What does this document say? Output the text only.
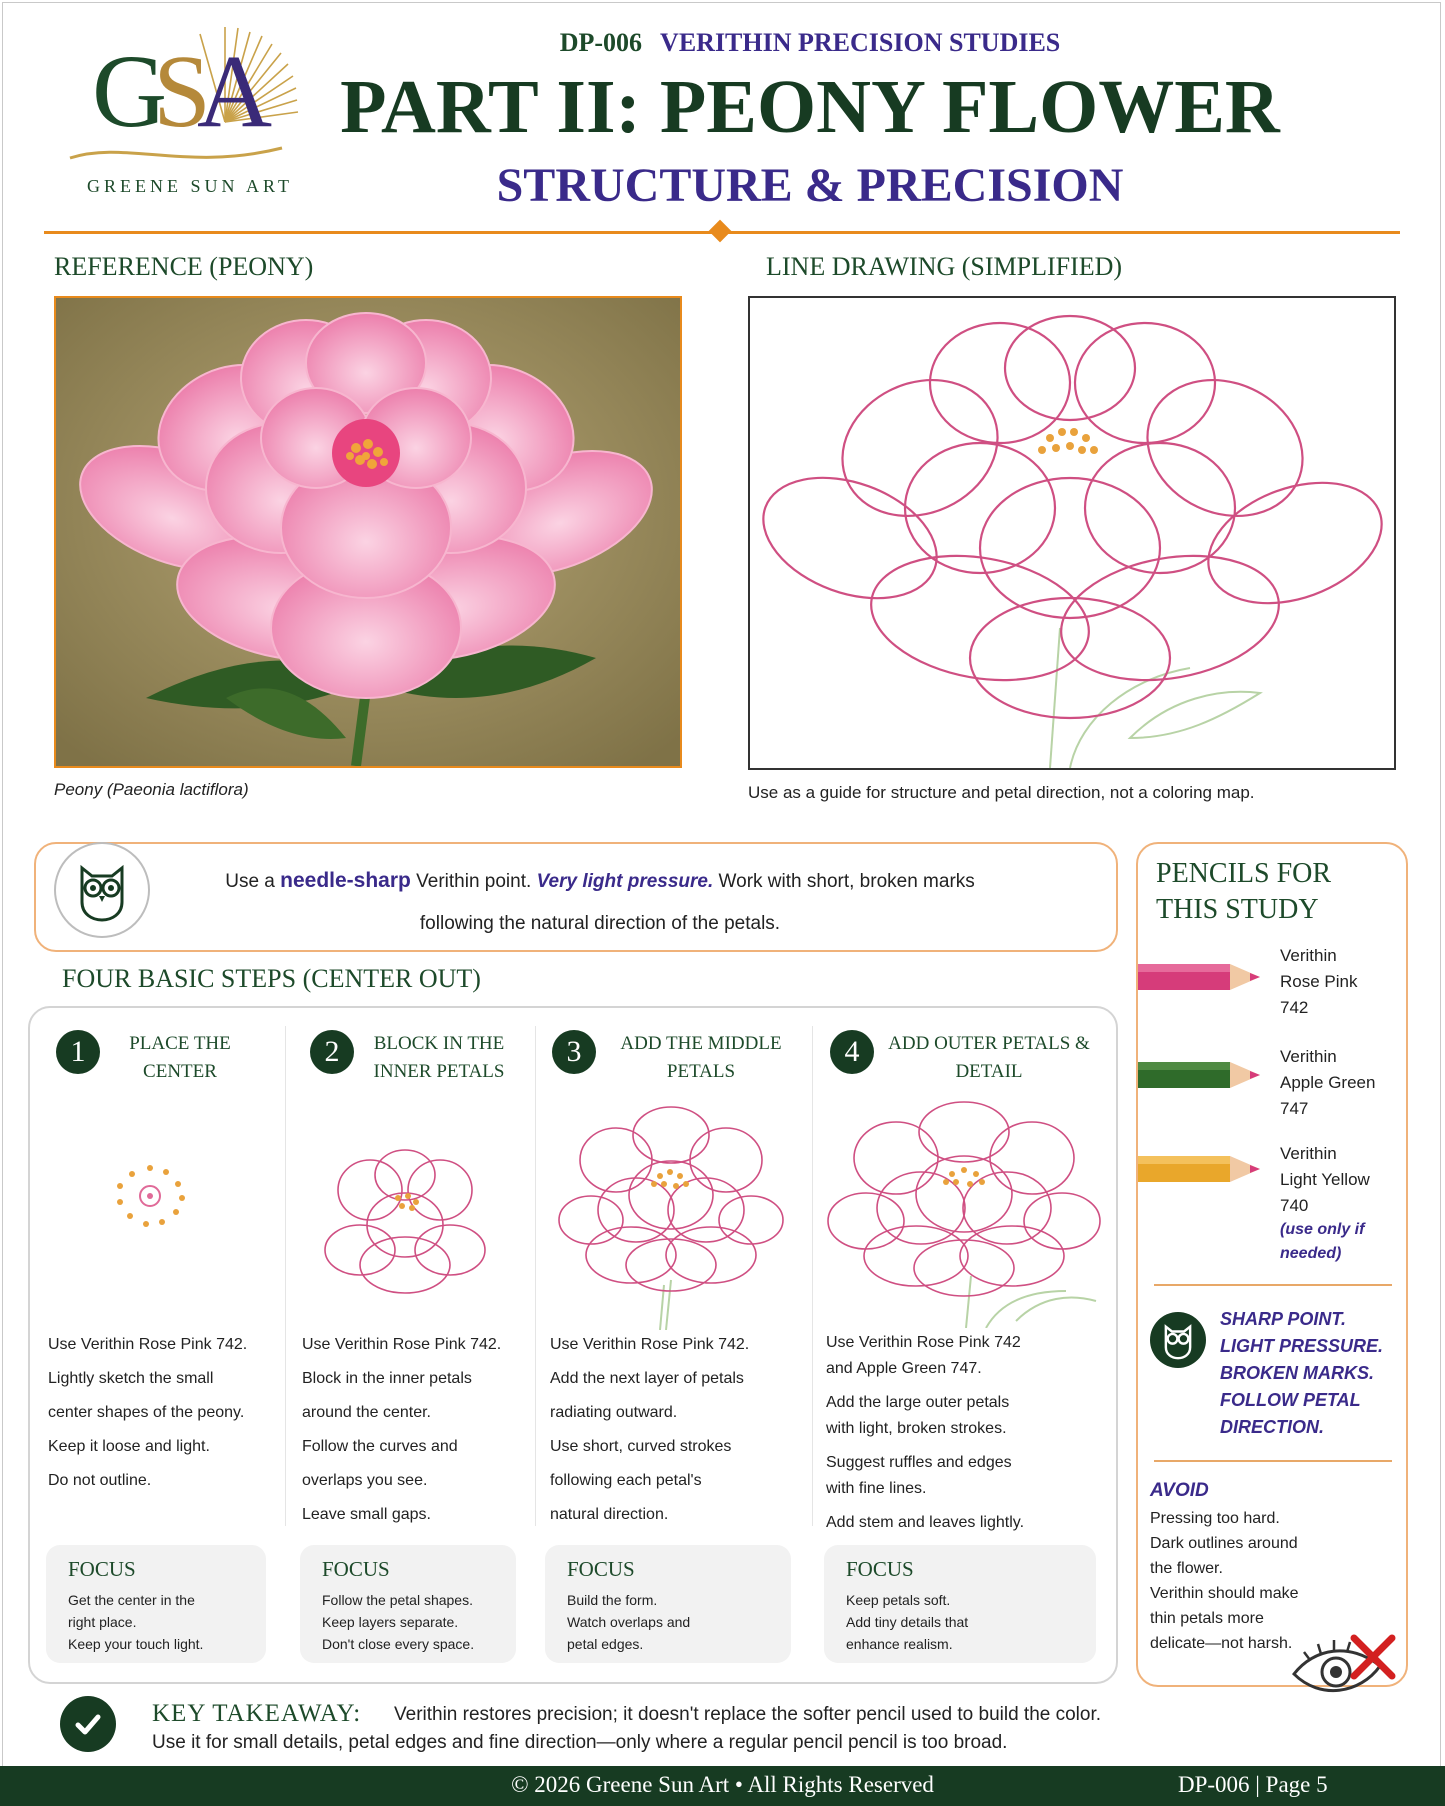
GSA
GREENE SUN ART
DP-006 VERITHIN PRECISION STUDIES
PART II: PEONY FLOWER
STRUCTURE & PRECISION
REFERENCE (PEONY)	LINE DRAWING (SIMPLIFIED)
Peony (Paeonia lactiflora)	Use as a guide for structure and petal direction, not a coloring map.
Use a needle-sharp Verithin point. Very light pressure. Work with short, broken marks
following the natural direction of the petals.
FOUR BASIC STEPS (CENTER OUT)
1	PLACE THE
CENTER
Use Verithin Rose Pink 742.
Lightly sketch the small
center shapes of the peony.
Keep it loose and light.
Do not outline.
FOCUS
Get the center in the
right place.
Keep your touch light.
2	BLOCK IN THE
INNER PETALS
Use Verithin Rose Pink 742.
Block in the inner petals
around the center.
Follow the curves and
overlaps you see.
Leave small gaps.
FOCUS
Follow the petal shapes.
Keep layers separate.
Don't close every space.
3	ADD THE MIDDLE
PETALS
Use Verithin Rose Pink 742.
Add the next layer of petals
radiating outward.
Use short, curved strokes
following each petal's
natural direction.
FOCUS
Build the form.
Watch overlaps and
petal edges.
4	ADD OUTER PETALS &
DETAIL
Use Verithin Rose Pink 742
and Apple Green 747.
Add the large outer petals
with light, broken strokes.
Suggest ruffles and edges
with fine lines.
Add stem and leaves lightly.
FOCUS
Keep petals soft.
Add tiny details that
enhance realism.
PENCILS FOR
THIS STUDY
Verithin
Rose Pink
742
Verithin
Apple Green
747
Verithin
Light Yellow
740
(use only if
needed)
SHARP POINT.
LIGHT PRESSURE.
BROKEN MARKS.
FOLLOW PETAL
DIRECTION.
AVOID
Pressing too hard.
Dark outlines around
the flower.
Verithin should make
thin petals more
delicate—not harsh.
KEY TAKEAWAY: Verithin restores precision; it doesn't replace the softer pencil used to build the color.
Use it for small details, petal edges and fine direction—only where a regular pencil pencil is too broad.
© 2026 Greene Sun Art • All Rights Reserved	DP-006 | Page 5
